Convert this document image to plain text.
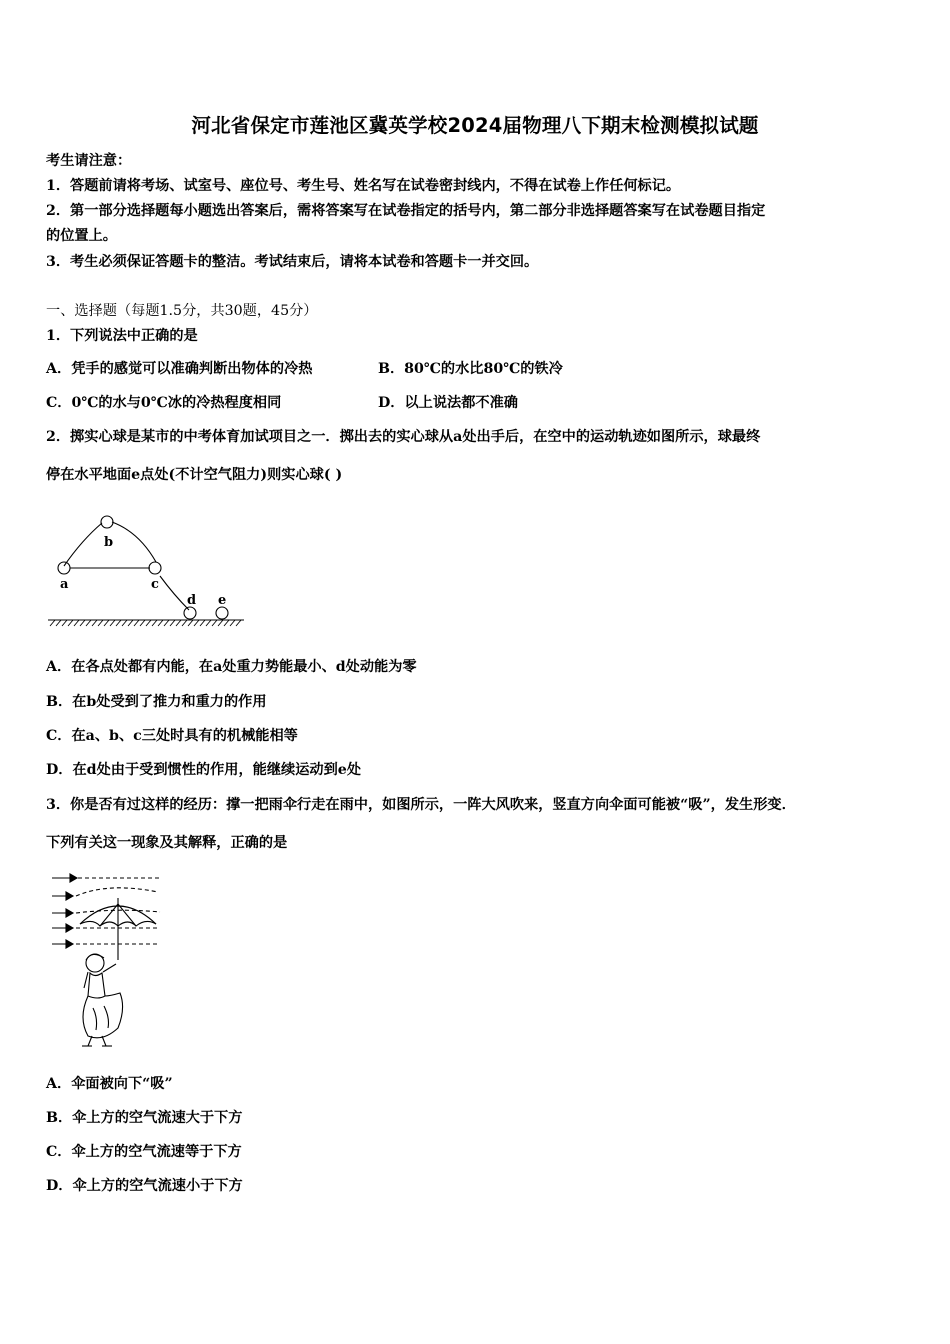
河北省保定市莲池区冀英学校2024届物理八下期末检测模拟试题
考生请注意：
1．答题前请将考场、试室号、座位号、考生号、姓名写在试卷密封线内，不得在试卷上作任何标记。
2．第一部分选择题每小题选出答案后，需将答案写在试卷指定的括号内，第二部分非选择题答案写在试卷题目指定
的位置上。
3．考生必须保证答题卡的整洁。考试结束后，请将本试卷和答题卡一并交回。
一、选择题（每题1.5分，共30题，45分）
1．下列说法中正确的是
A．凭手的感觉可以准确判断出物体的冷热	B．80℃的水比80℃的铁冷
C．0℃的水与0℃冰的冷热程度相同	D．以上说法都不准确
2．掷实心球是某市的中考体育加试项目之一．掷出去的实心球从a处出手后，在空中的运动轨迹如图所示，球最终
停在水平地面e点处(不计空气阻力)则实心球( )
a
b
c
d e
A．在各点处都有内能，在a处重力势能最小、d处动能为零
B．在b处受到了推力和重力的作用
C．在a、b、c三处时具有的机械能相等
D．在d处由于受到惯性的作用，能继续运动到e处
3．你是否有过这样的经历：撑一把雨伞行走在雨中，如图所示，一阵大风吹来，竖直方向伞面可能被“吸”，发生形变．
下列有关这一现象及其解释，正确的是
A．伞面被向下“吸”
B．伞上方的空气流速大于下方
C．伞上方的空气流速等于下方
D．伞上方的空气流速小于下方
